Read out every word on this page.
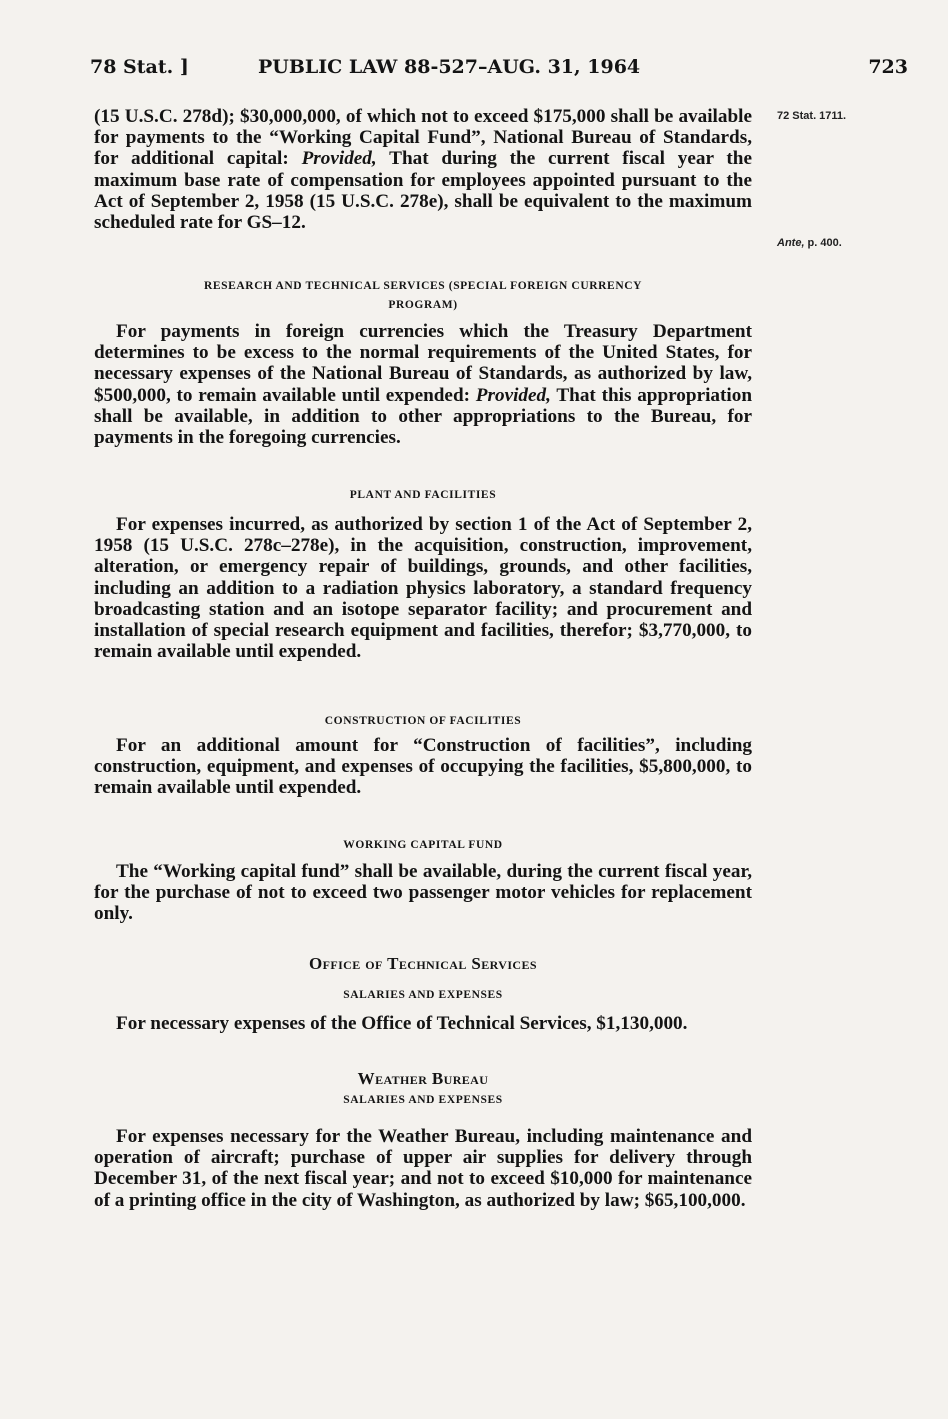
78 Stat. ]	PUBLIC LAW 88-527–AUG. 31, 1964	723
72 Stat. 1711.
Ante, p. 400.

(15 U.S.C. 278d); $30,000,000, of which not to exceed $175,000 shall be available for payments to the “Working Capital Fund”, National Bureau of Standards, for additional capital: Provided, That during the current fiscal year the maximum base rate of compensation for employees appointed pursuant to the Act of September 2, 1958 (15 U.S.C. 278e), shall be equivalent to the maximum scheduled rate for GS–12.

RESEARCH AND TECHNICAL SERVICES (SPECIAL FOREIGN CURRENCY

PROGRAM)

For payments in foreign currencies which the Treasury Department determines to be excess to the normal requirements of the United States, for necessary expenses of the National Bureau of Standards, as authorized by law, $500,000, to remain available until expended: Provided, That this appropriation shall be available, in addition to other appropriations to the Bureau, for payments in the foregoing currencies.

PLANT AND FACILITIES

For expenses incurred, as authorized by section 1 of the Act of September 2, 1958 (15 U.S.C. 278c–278e), in the acquisition, construction, improvement, alteration, or emergency repair of buildings, grounds, and other facilities, including an addition to a radiation physics laboratory, a standard frequency broadcasting station and an isotope separator facility; and procurement and installation of special research equipment and facilities, therefor; $3,770,000, to remain available until expended.

CONSTRUCTION OF FACILITIES

For an additional amount for “Construction of facilities”, including construction, equipment, and expenses of occupying the facilities, $5,800,000, to remain available until expended.

WORKING CAPITAL FUND

The “Working capital fund” shall be available, during the current fiscal year, for the purchase of not to exceed two passenger motor vehicles for replacement only.

Office of Technical Services

SALARIES AND EXPENSES

For necessary expenses of the Office of Technical Services, $1,130,000.

Weather Bureau

SALARIES AND EXPENSES

For expenses necessary for the Weather Bureau, including maintenance and operation of aircraft; purchase of upper air supplies for delivery through December 31, of the next fiscal year; and not to exceed $10,000 for maintenance of a printing office in the city of Washington, as authorized by law; $65,100,000.
